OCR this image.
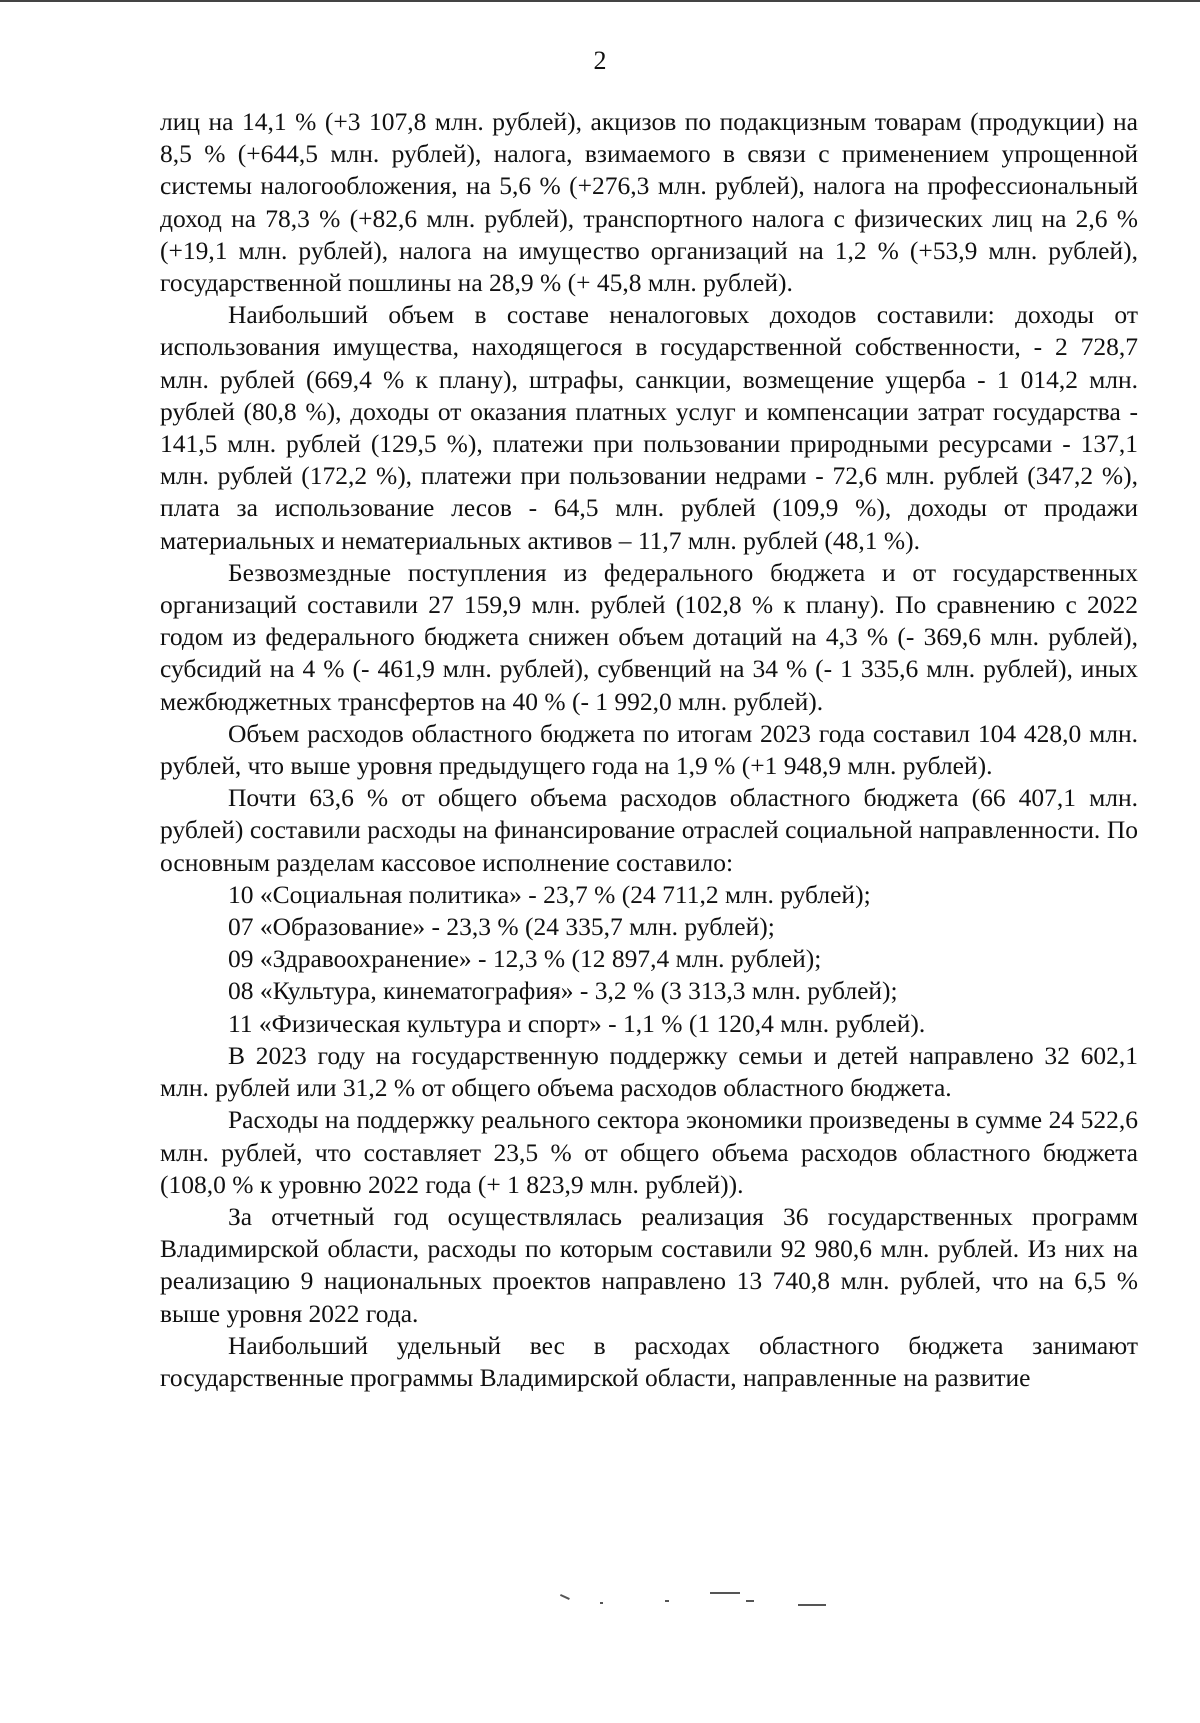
2

лиц на 14,1 % (+3 107,8 млн. рублей), акцизов по подакцизным товарам (продукции) на 8,5 % (+644,5 млн. рублей), налога, взимаемого в связи с применением упрощенной системы налогообложения, на 5,6 % (+276,3 млн. рублей), налога на профессиональный доход на 78,3 % (+82,6 млн. рублей), транспортного налога с физических лиц на 2,6 % (+19,1 млн. рублей), налога на имущество организаций на 1,2 % (+53,9 млн. рублей), государственной пошлины на 28,9 % (+ 45,8 млн. рублей).

Наибольший объем в составе неналоговых доходов составили: доходы от использования имущества, находящегося в государственной собственности, - 2 728,7 млн. рублей (669,4 % к плану), штрафы, санкции, возмещение ущерба - 1 014,2 млн. рублей (80,8 %), доходы от оказания платных услуг и компенсации затрат государства - 141,5 млн. рублей (129,5 %), платежи при пользовании природными ресурсами - 137,1 млн. рублей (172,2 %), платежи при пользовании недрами - 72,6 млн. рублей (347,2 %), плата за использование лесов - 64,5 млн. рублей (109,9 %), доходы от продажи материальных и нематериальных активов – 11,7 млн. рублей (48,1 %).

Безвозмездные поступления из федерального бюджета и от государственных организаций составили 27 159,9 млн. рублей (102,8 % к плану). По сравнению с 2022 годом из федерального бюджета снижен объем дотаций на 4,3 % (- 369,6 млн. рублей), субсидий на 4 % (- 461,9 млн. рублей), субвенций на 34 % (- 1 335,6 млн. рублей), иных межбюджетных трансфертов на 40 % (- 1 992,0 млн. рублей).

Объем расходов областного бюджета по итогам 2023 года составил 104 428,0 млн. рублей, что выше уровня предыдущего года на 1,9 % (+1 948,9 млн. рублей).

Почти 63,6 % от общего объема расходов областного бюджета (66 407,1 млн. рублей) составили расходы на финансирование отраслей социальной направленности. По основным разделам кассовое исполнение составило:

10 «Социальная политика» - 23,7 % (24 711,2 млн. рублей);

07 «Образование» - 23,3 % (24 335,7 млн. рублей);

09 «Здравоохранение» - 12,3 % (12 897,4 млн. рублей);

08 «Культура, кинематография» - 3,2 % (3 313,3 млн. рублей);

11 «Физическая культура и спорт» - 1,1 % (1 120,4 млн. рублей).

В 2023 году на государственную поддержку семьи и детей направлено 32 602,1 млн. рублей или 31,2 % от общего объема расходов областного бюджета.

Расходы на поддержку реального сектора экономики произведены в сумме 24 522,6 млн. рублей, что составляет 23,5 % от общего объема расходов областного бюджета (108,0 % к уровню 2022 года (+ 1 823,9 млн. рублей)).

За отчетный год осуществлялась реализация 36 государственных программ Владимирской области, расходы по которым составили 92 980,6 млн. рублей. Из них на реализацию 9 национальных проектов направлено 13 740,8 млн. рублей, что на 6,5 % выше уровня 2022 года.

Наибольший удельный вес в расходах областного бюджета занимают государственные программы Владимирской области, направленные на развитие
